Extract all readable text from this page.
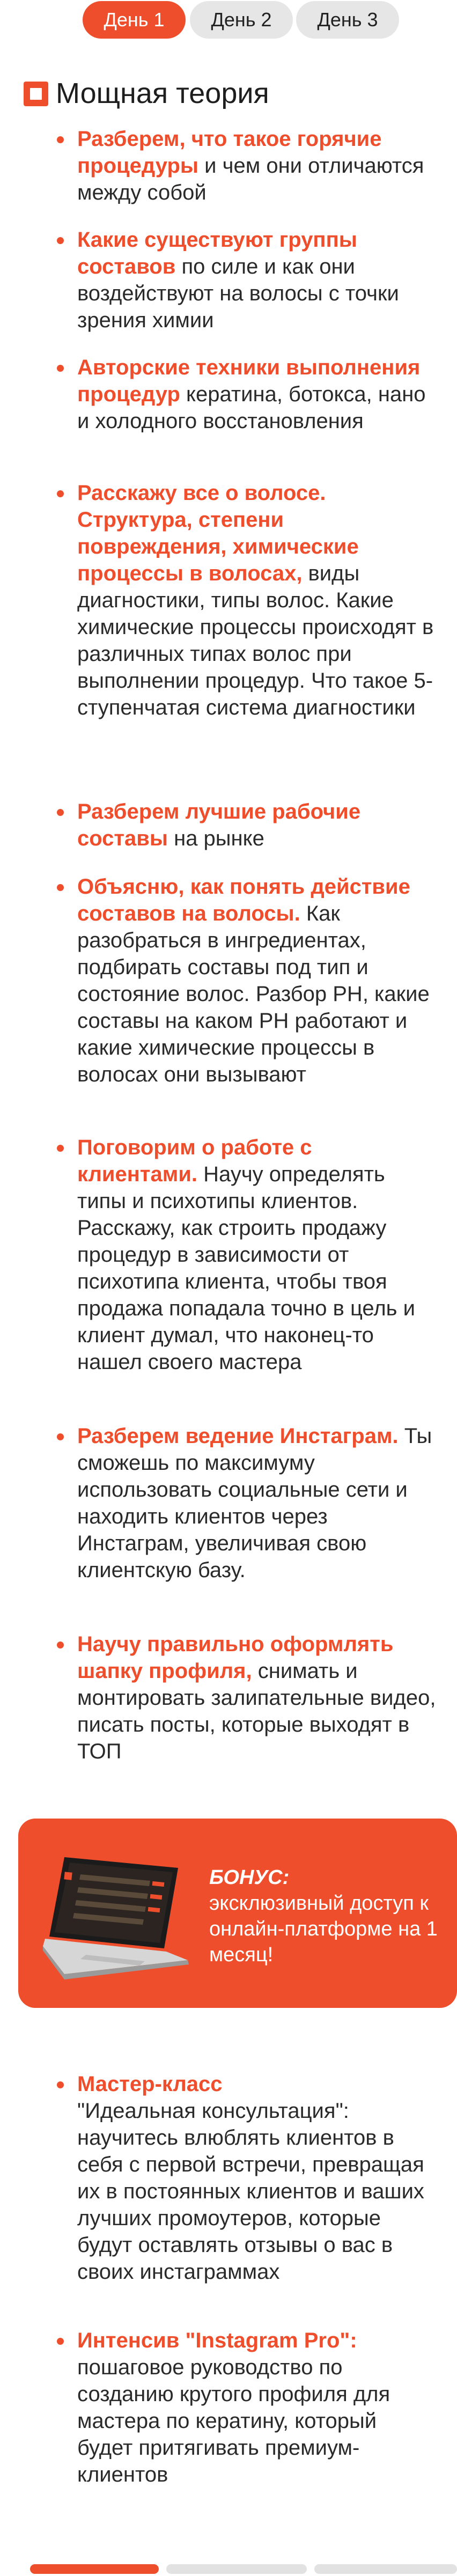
День 1	День 2	День 3
Мощная теория
Разберем, что такое горячие процедуры и чем они отличаются между собой
Какие существуют группы составов по силе и как они воздействуют на волосы с точки зрения химии
Авторские техники выполнения процедур кератина, ботокса, нано и холодного восстановления
Расскажу все о волосе. Структура, степени повреждения, химические процессы в волосах, виды диагностики, типы волос. Какие химические процессы происходят в различных типах волос при выполнении процедур. Что такое 5-ступенчатая система диагностики
Разберем лучшие рабочие составы на рынке
Объясню, как понять действие составов на волосы. Как разобраться в ингредиентах, подбирать составы под тип и состояние волос. Разбор PH, какие составы на каком PH работают и какие химические процессы в волосах они вызывают
Поговорим о работе с клиентами. Научу определять типы и психотипы клиентов. Расскажу, как строить продажу процедур в зависимости от психотипа клиента, чтобы твоя продажа попадала точно в цель и клиент думал, что наконец-то нашел своего мастера
Разберем ведение Инстаграм. Ты сможешь по максимуму использовать социальные сети и находить клиентов через Инстаграм, увеличивая свою клиентскую базу.
Научу правильно оформлять шапку профиля, снимать и монтировать залипательные видео, писать посты, которые выходят в ТОП
БОНУС:
эксклюзивный доступ к онлайн-платформе на 1 месяц!
Мастер-класс
"Идеальная консультация": научитесь влюблять клиентов в себя с первой встречи, превращая их в постоянных клиентов и ваших лучших промоутеров, которые будут оставлять отзывы о вас в своих инстаграммах
Интенсив "Instagram Pro":
пошаговое руководство по созданию крутого профиля для мастера по кератину, который будет притягивать премиум-клиентов
